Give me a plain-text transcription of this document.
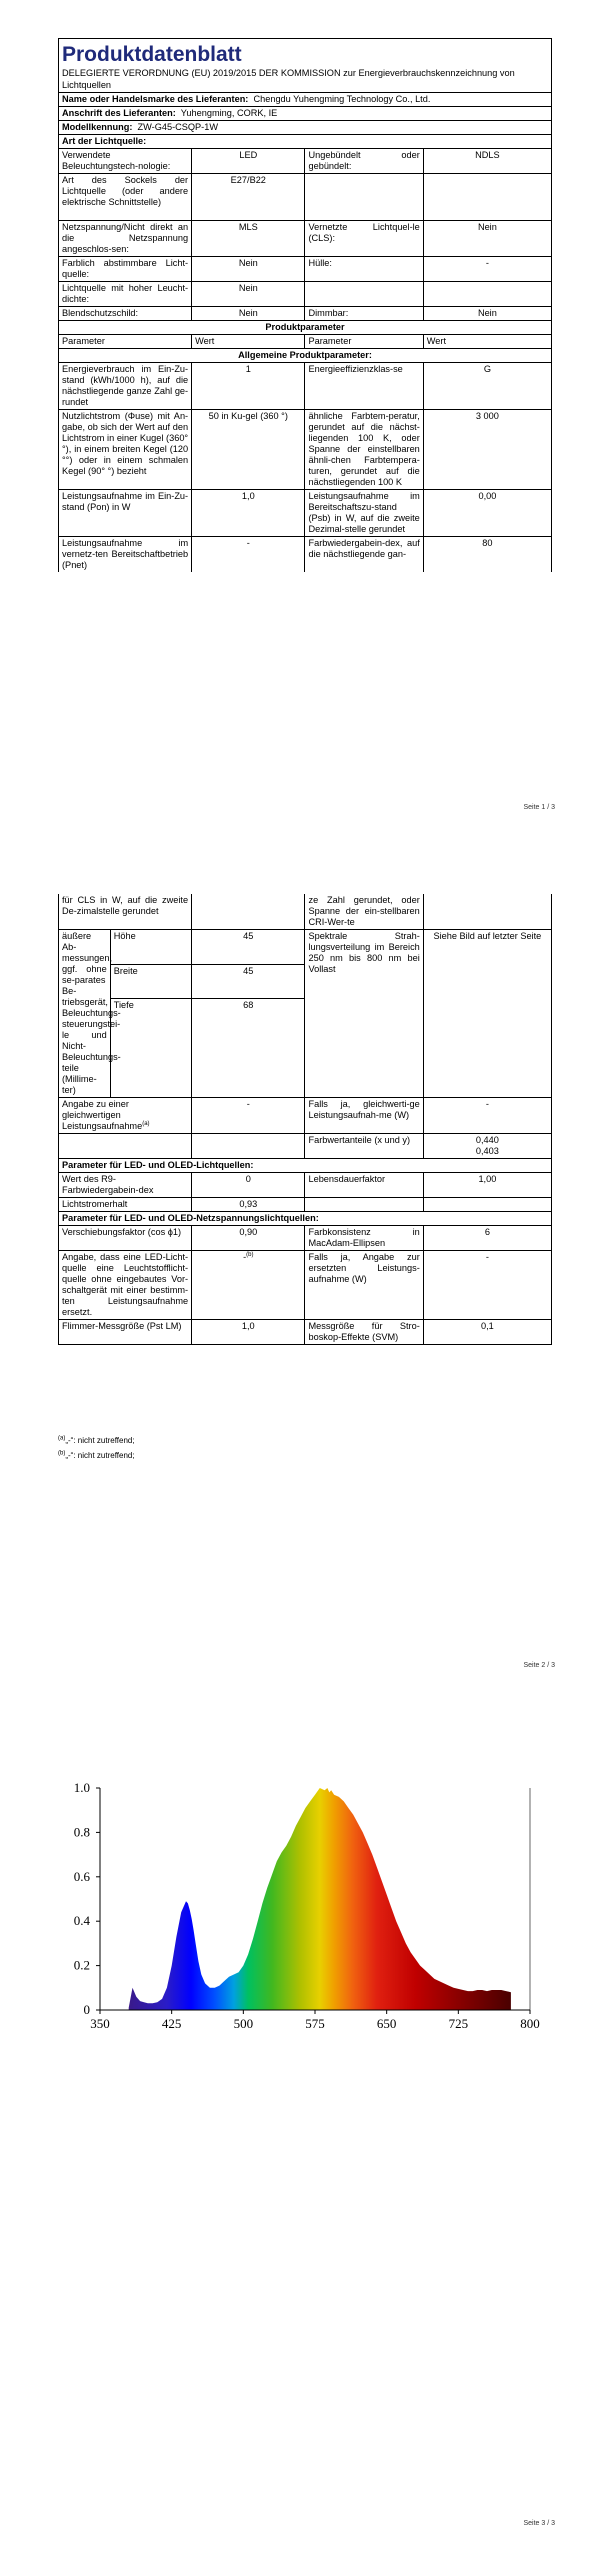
Produktdatenblatt
DELEGIERTE VERORDNUNG (EU) 2019/2015 DER KOMMISSION zur Energieverbrauchskennzeichnung von Lichtquellen			

Name oder Handelsmarke des Lieferanten: Chengdu Yuhengming Technology Co., Ltd.			
Anschrift des Lieferanten: Yuhengming, CORK, IE			
Modellkennung: ZW-G45-CSQP-1W			
Art der Lichtquelle:			
Verwendete Beleuchtungstech-nologie:	LED	Ungebündelt oder gebündelt:	NDLS
Art des Sockels der Lichtquelle (oder andere elektrische Schnittstelle)	E27/B22		
Netzspannung/Nicht direkt an die Netzspannung angeschlos-sen:	MLS	Vernetzte Lichtquel-le (CLS):	Nein
Farblich abstimmbare Licht-quelle:	Nein	Hülle:	-
Lichtquelle mit hoher Leucht-dichte:	Nein		
Blendschutzschild:	Nein	Dimmbar:	Nein
Produktparameter			
Parameter	Wert	Parameter	Wert
Allgemeine Produktparameter:			
Energieverbrauch im Ein-Zu-stand (kWh/1000 h), auf die nächstliegende ganze Zahl ge-rundet	1	Energieeffizienzklas-se	G
Nutzlichtstrom (Φuse) mit An-gabe, ob sich der Wert auf den Lichtstrom in einer Kugel (360° °), in einem breiten Kegel (120 °°) oder in einem schmalen Kegel (90° °) bezieht	50 in Ku-gel (360 °)	ähnliche Farbtem-peratur, gerundet auf die nächst-liegenden 100 K, oder Spanne der einstellbaren ähnli-chen Farbtempera-turen, gerundet auf die nächstliegenden 100 K	3 000
Leistungsaufnahme im Ein-Zu-stand (Pon) in W	1,0	Leistungsaufnahme im Bereitschaftszu-stand (Psb) in W, auf die zweite Dezimal-stelle gerundet	0,00
Leistungsaufnahme im vernetz-ten Bereitschaftbetrieb (Pnet)	-	Farbwiedergabein-dex, auf die nächstliegende gan-	80
Seite 1 / 3
für CLS in W, auf die zweite De-zimalstelle gerundet			ze Zahl gerundet, oder Spanne der ein-stellbaren CRI-Wer-te	
äußere Ab-messungen, ggf. ohne se-parates Be-triebsgerät, Beleuchtungs-steuerungstei-le und Nicht-Beleuchtungs-teile (Millime-ter)	Höhe	45	Spektrale Strah-lungsverteilung im Bereich 250 nm bis 800 nm bei Vollast	Siehe Bild auf letzter Seite
	Breite	45		
	Tiefe	68		
Angabe zu einer gleichwertigen Leistungsaufnahme$^{(a)}$		-	Falls ja, gleichwerti-ge Leistungsaufnah-me (W)	-
			Farbwertanteile (x und y)	0,440
0,403

Parameter für LED- und OLED-Lichtquellen:				
Wert des R9-Farbwiedergabein-dex		0	Lebensdauerfaktor	1,00
Lichtstromerhalt		0,93		
Parameter für LED- und OLED-Netzspannungslichtquellen:				
Verschiebungsfaktor (cos ϕ1)		0,90	Farbkonsistenz in MacAdam-Ellipsen	6
Angabe, dass eine LED-Licht-quelle eine Leuchtstofflicht-quelle ohne eingebautes Vor-schaltgerät mit einer bestimm-ten Leistungsaufnahme ersetzt.		-$^{(b)}$	Falls ja, Angabe zur ersetzten Leistungs-aufnahme (W)	-
Flimmer-Messgröße (Pst LM)		1,0	Messgröße für Stro-boskop-Effekte (SVM)	0,1
$^{(a)}$„-“: nicht zutreffend;
$^{(b)}$„-“: nicht zutreffend;
Seite 2 / 3
Seite 3 / 3
350	425	500	575	650	725	800
0
0.2
0.4
0.6
0.8
1.0
